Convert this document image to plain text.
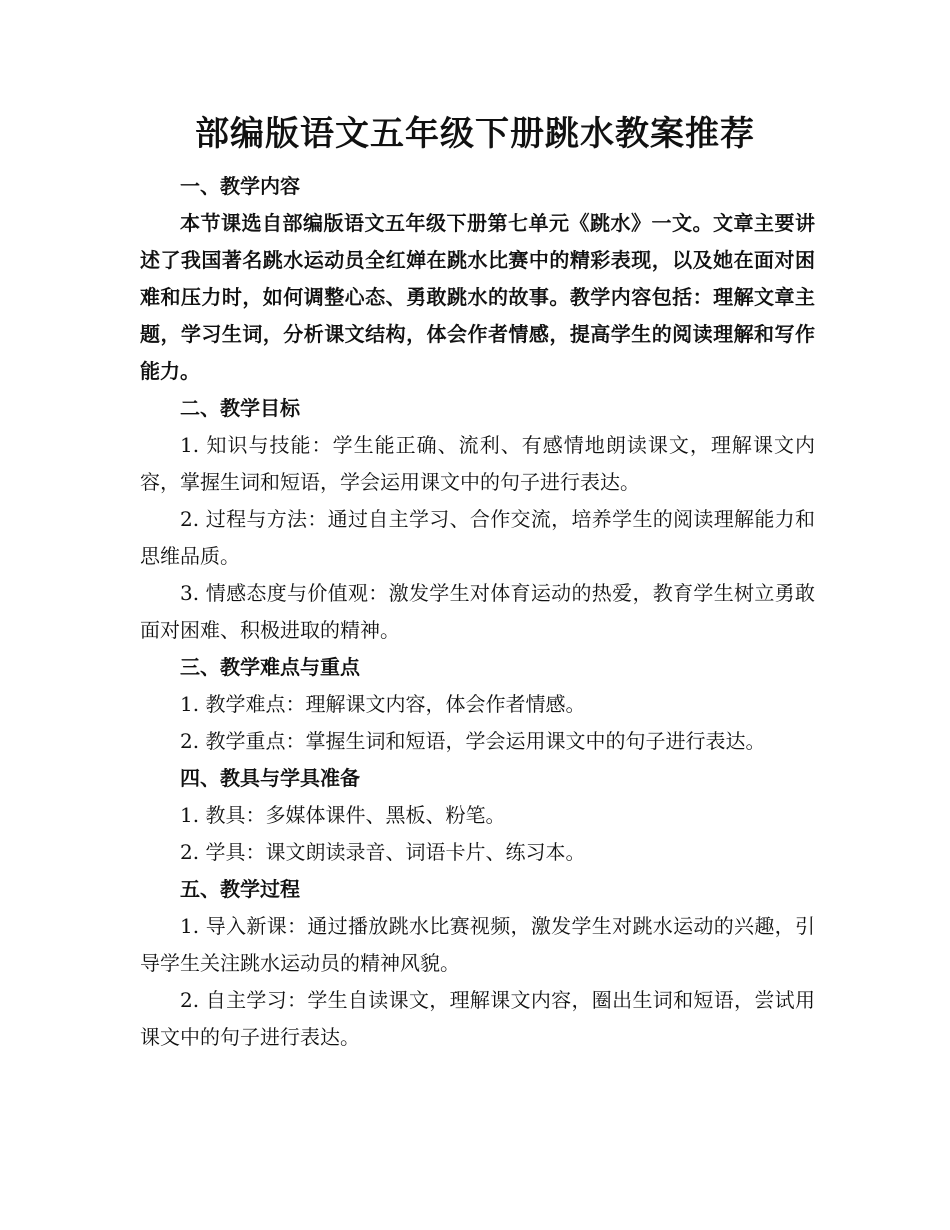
部编版语文五年级下册跳水教案推荐

一、教学内容

本节课选自部编版语文五年级下册第七单元《跳水》一文。文章主要讲述了我国著名跳水运动员全红婵在跳水比赛中的精彩表现，以及她在面对困难和压力时，如何调整心态、勇敢跳水的故事。教学内容包括：理解文章主题，学习生词，分析课文结构，体会作者情感，提高学生的阅读理解和写作能力。

二、教学目标

1. 知识与技能：学生能正确、流利、有感情地朗读课文，理解课文内容，掌握生词和短语，学会运用课文中的句子进行表达。

2. 过程与方法：通过自主学习、合作交流，培养学生的阅读理解能力和思维品质。

3. 情感态度与价值观：激发学生对体育运动的热爱，教育学生树立勇敢面对困难、积极进取的精神。

三、教学难点与重点

1. 教学难点：理解课文内容，体会作者情感。

2. 教学重点：掌握生词和短语，学会运用课文中的句子进行表达。

四、教具与学具准备

1. 教具：多媒体课件、黑板、粉笔。

2. 学具：课文朗读录音、词语卡片、练习本。

五、教学过程

1. 导入新课：通过播放跳水比赛视频，激发学生对跳水运动的兴趣，引导学生关注跳水运动员的精神风貌。

2. 自主学习：学生自读课文，理解课文内容，圈出生词和短语，尝试用课文中的句子进行表达。
